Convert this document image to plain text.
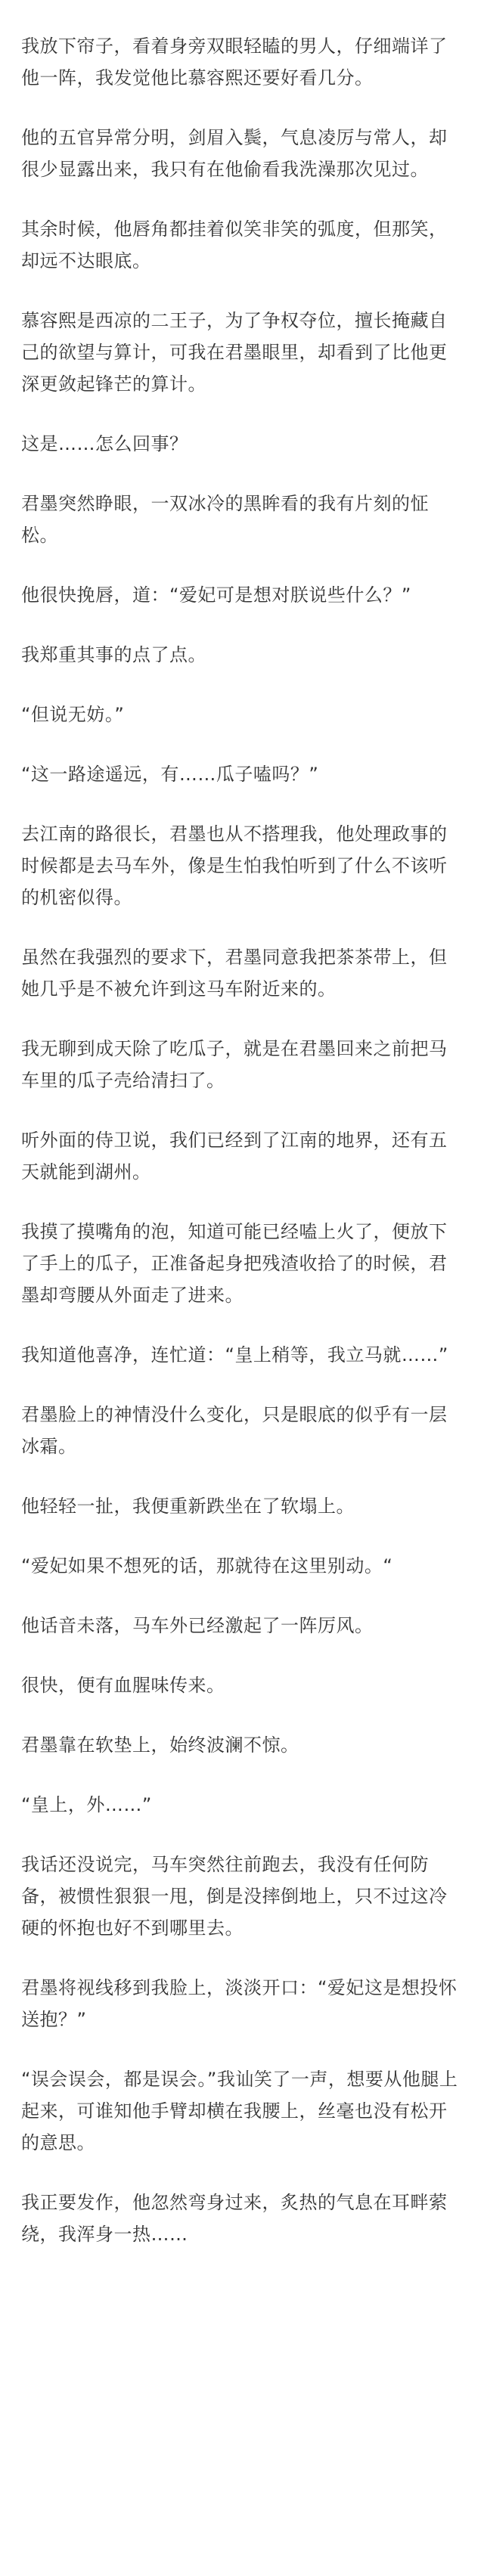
我放下帘子，看着身旁双眼轻瞌的男人，仔细端详了他一阵，我发觉他比慕容熙还要好看几分。

他的五官异常分明，剑眉入鬓，气息凌厉与常人，却很少显露出来，我只有在他偷看我洗澡那次见过。

其余时候，他唇角都挂着似笑非笑的弧度，但那笑，却远不达眼底。

慕容熙是西凉的二王子，为了争权夺位，擅长掩藏自己的欲望与算计，可我在君墨眼里，却看到了比他更深更敛起锋芒的算计。

这是……怎么回事？

君墨突然睁眼，一双冰冷的黑眸看的我有片刻的怔松。

他很快挽唇，道：“爱妃可是想对朕说些什么？”

我郑重其事的点了点。

“但说无妨。”

“这一路途遥远，有……瓜子嗑吗？”

去江南的路很长，君墨也从不搭理我，他处理政事的时候都是去马车外，像是生怕我怕听到了什么不该听的机密似得。

虽然在我强烈的要求下，君墨同意我把茶茶带上，但她几乎是不被允许到这马车附近来的。

我无聊到成天除了吃瓜子，就是在君墨回来之前把马车里的瓜子壳给清扫了。

听外面的侍卫说，我们已经到了江南的地界，还有五天就能到湖州。

我摸了摸嘴角的泡，知道可能已经嗑上火了，便放下了手上的瓜子，正准备起身把残渣收拾了的时候，君墨却弯腰从外面走了进来。

我知道他喜净，连忙道：“皇上稍等，我立马就……”

君墨脸上的神情没什么变化，只是眼底的似乎有一层冰霜。

他轻轻一扯，我便重新跌坐在了软塌上。

“爱妃如果不想死的话，那就待在这里别动。“

他话音未落，马车外已经激起了一阵厉风。

很快，便有血腥味传来。

君墨靠在软垫上，始终波澜不惊。

“皇上，外……”

我话还没说完，马车突然往前跑去，我没有任何防备，被惯性狠狠一甩，倒是没摔倒地上，只不过这冷硬的怀抱也好不到哪里去。

君墨将视线移到我脸上，淡淡开口：“爱妃这是想投怀送抱？”

“误会误会，都是误会。”我讪笑了一声，想要从他腿上起来，可谁知他手臂却横在我腰上，丝毫也没有松开的意思。

我正要发作，他忽然弯身过来，炙热的气息在耳畔萦绕，我浑身一热……
